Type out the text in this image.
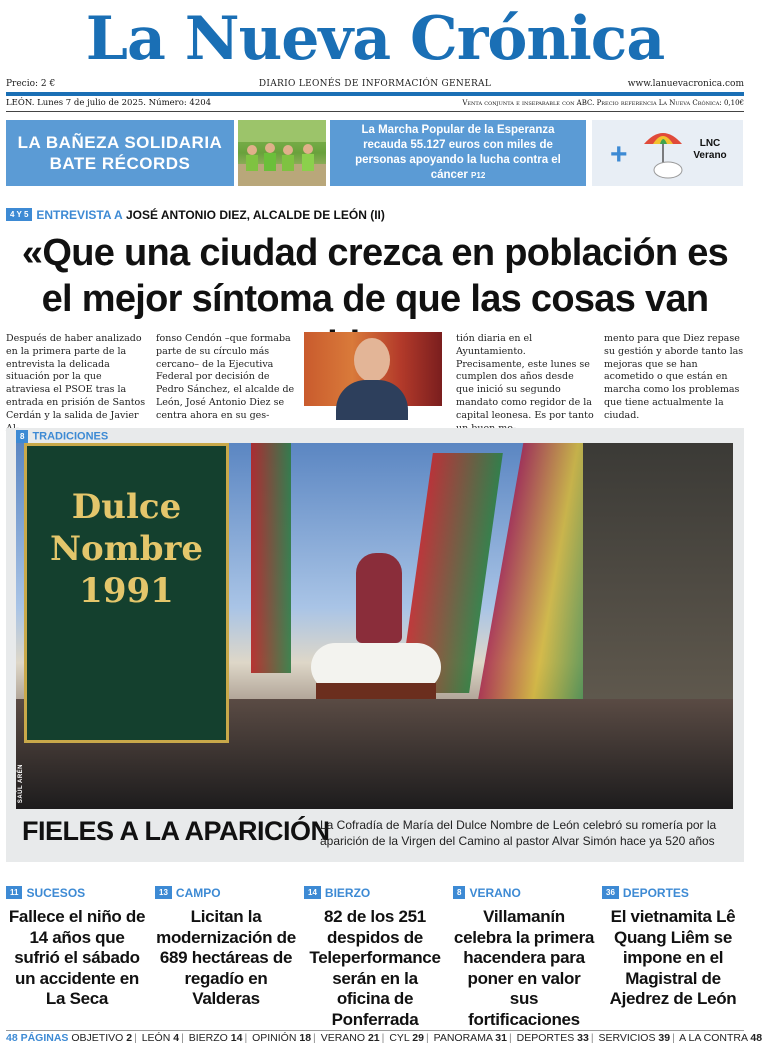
La Nueva Crónica
Precio: 2 €	DIARIO LEONÉS DE INFORMACIÓN GENERAL	www.lanuevacronica.com
LEÓN. Lunes 7 de julio de 2025. Número: 4204	Venta conjunta e inseparable con ABC. Precio referencia La Nueva Crónica: 0,10€
LA BAÑEZA SOLIDARIA BATE RÉCORDS
La Marcha Popular de la Esperanza recauda 55.127 euros con miles de personas apoyando la lucha contra el cáncer P12
+	LNC Verano
4 Y 5 ENTREVISTA A JOSÉ ANTONIO DIEZ, ALCALDE DE LEÓN (II)
«Que una ciudad crezca en población es el mejor síntoma de que las cosas van

Después de haber analizado en la primera parte de la entrevista la delicada situación por la que atraviesa el PSOE tras la entrada en prisión de Santos Cerdán y la salida de Javier

fonso Cendón –que formaba parte de su círculo más cercano– de la Ejecutiva Federal por decisión de Pedro Sánchez, el alcalde de León, José Antonio Diez se centra ahora en su ges-

tión diaria en el Ayuntamiento. Precisamente, este lunes se cumplen dos años desde que inició su segundo mandato como regidor de la capital leonesa. Es por tanto

mento para que Diez repase su gestión y aborde tanto las mejoras que se han acometido o que están en marcha como los problemas que tiene actualmente la ciudad.

8 TRADICIONES
Dulce Nombre 1991
SAÚL ARÉN
FIELES A LA APARICIÓN
La Cofradía de María del Dulce Nombre de León celebró su romería por la aparición de la Virgen del Camino al pastor Alvar Simón hace ya 520 años
11 SUCESOS
Fallece el niño de 14 años que sufrió el sábado un accidente en La Seca
13 CAMPO
Licitan la modernización de 689 hectáreas de regadío en Valderas
14 BIERZO
82 de los 251 despidos de Teleperformance serán en la oficina de Ponferrada
8 VERANO
Villamanín celebra la primera hacendera para poner en valor sus fortificaciones
36 DEPORTES
El vietnamita Lê Quang Liêm se impone en el Magistral de Ajedrez de León
48 PÁGINAS OBJETIVO 2 | LEÓN 4 | BIERZO 14 | OPINIÓN 18 | VERANO 21 | CYL 29 | PANORAMA 31 | DEPORTES 33 | SERVICIOS 39 | A LA CONTRA 48
